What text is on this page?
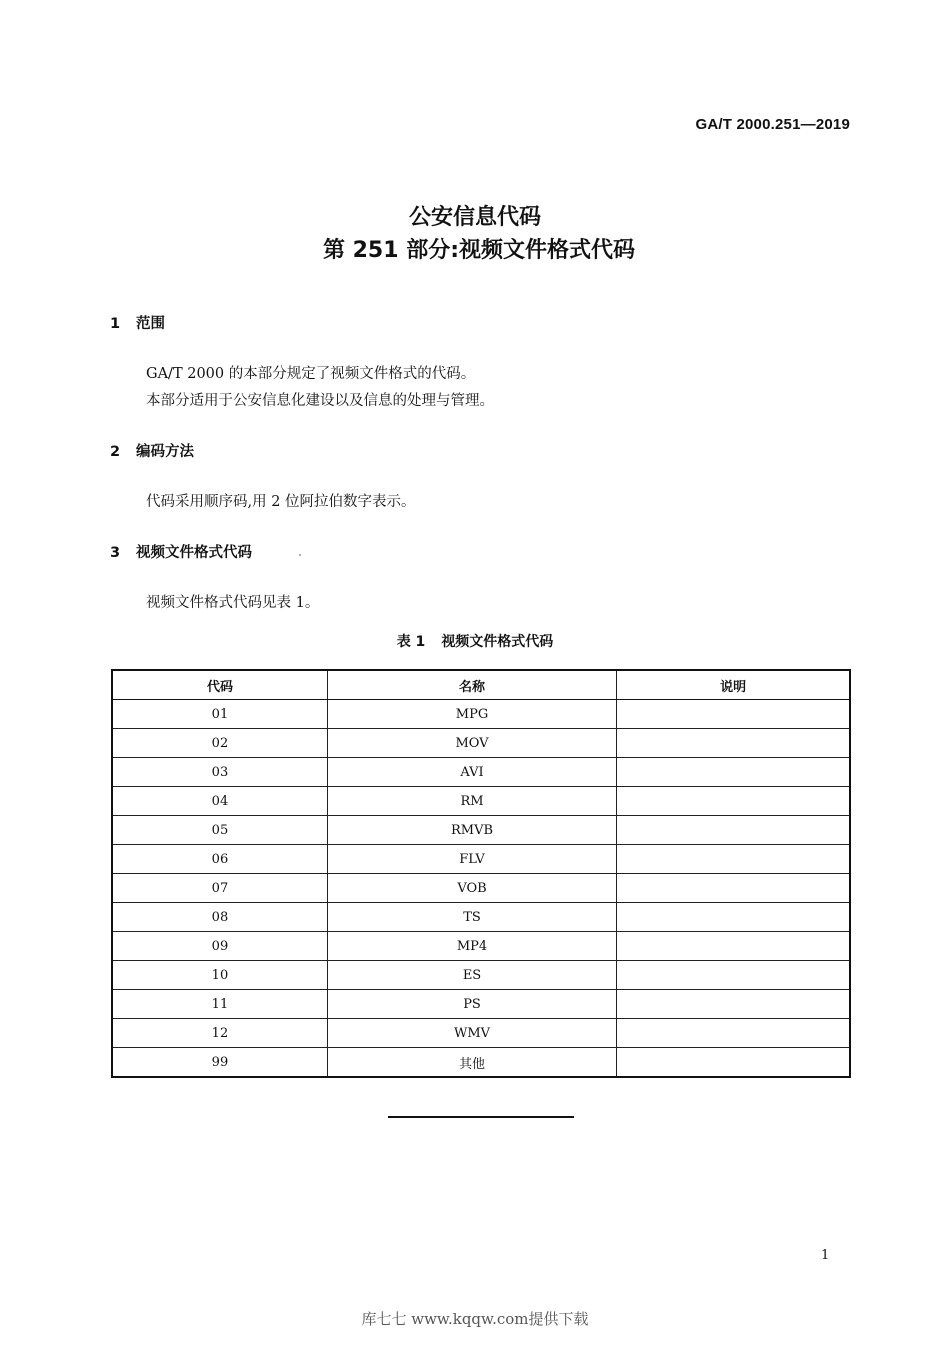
GA/T 2000.251—2019
公安信息代码
第 251 部分:视频文件格式代码
1 范围
GA/T 2000 的本部分规定了视频文件格式的代码。
本部分适用于公安信息化建设以及信息的处理与管理。
2 编码方法
代码采用顺序码,用 2 位阿拉伯数字表示。
3 视频文件格式代码
视频文件格式代码见表 1。
表 1 视频文件格式代码
代码	名称	说明
01	MPG	
02	MOV	
03	AVI	
04	RM	
05	RMVB	
06	FLV	
07	VOB	
08	TS	
09	MP4	
10	ES	
11	PS	
12	WMV	
99	其他	
1
库七七 www.kqqw.com提供下载
